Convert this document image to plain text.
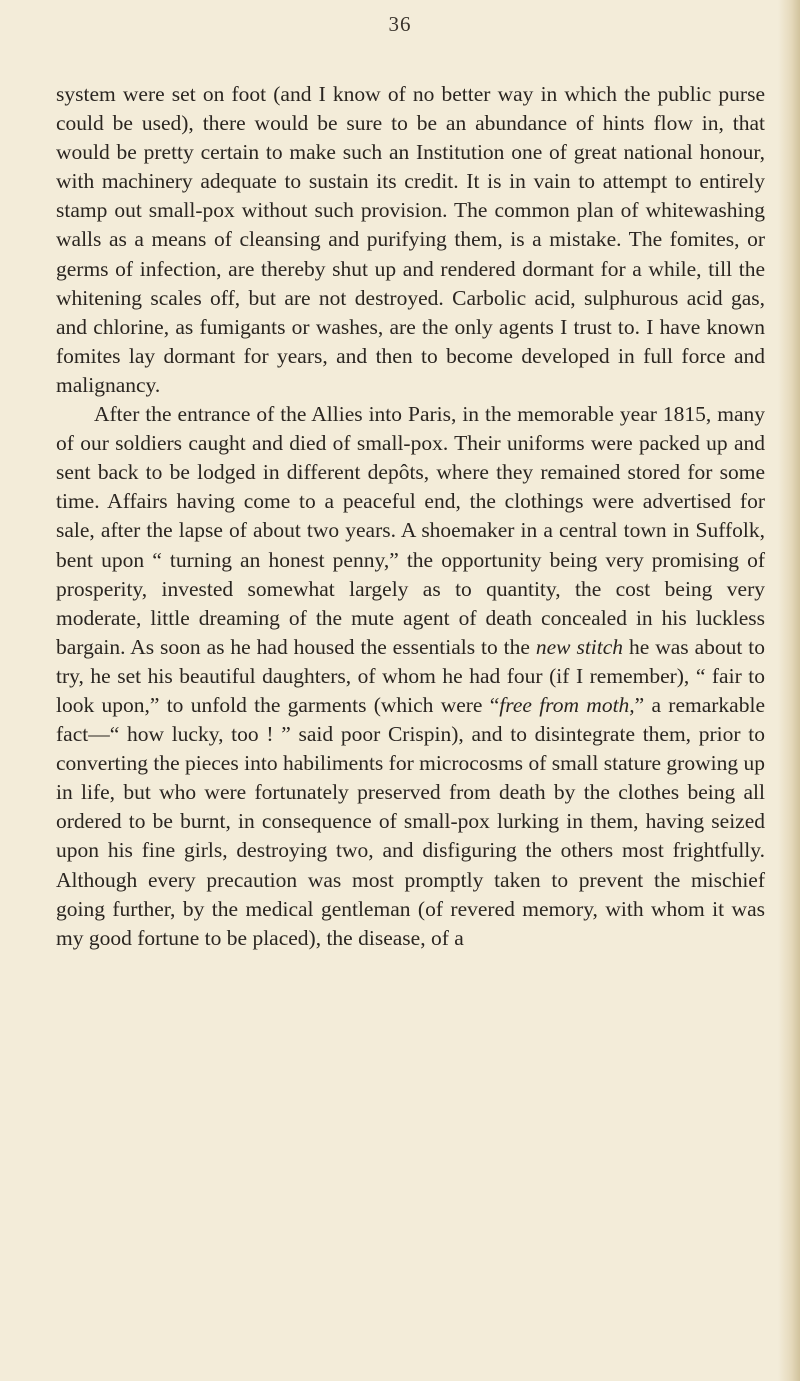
36

system were set on foot (and I know of no better way in which the public purse could be used), there would be sure to be an abundance of hints flow in, that would be pretty certain to make such an Institution one of great national honour, with machinery adequate to sustain its credit. It is in vain to attempt to entirely stamp out small-pox without such provision. The common plan of whitewashing walls as a means of cleansing and purifying them, is a mistake. The fomites, or germs of infection, are thereby shut up and rendered dormant for a while, till the whitening scales off, but are not destroyed. Carbolic acid, sulphurous acid gas, and chlorine, as fumigants or washes, are the only agents I trust to. I have known fomites lay dormant for years, and then to become developed in full force and malignancy.

After the entrance of the Allies into Paris, in the memorable year 1815, many of our soldiers caught and died of small-pox. Their uniforms were packed up and sent back to be lodged in different depôts, where they remained stored for some time. Affairs having come to a peaceful end, the clothings were advertised for sale, after the lapse of about two years. A shoemaker in a central town in Suffolk, bent upon “ turning an honest penny,” the opportunity being very promising of prosperity, invested somewhat largely as to quantity, the cost being very moderate, little dreaming of the mute agent of death concealed in his luckless bargain. As soon as he had housed the essentials to the new stitch he was about to try, he set his beautiful daughters, of whom he had four (if I remember), “ fair to look upon,” to unfold the garments (which were “free from moth,” a remarkable fact—“ how lucky, too ! ” said poor Crispin), and to disintegrate them, prior to converting the pieces into habiliments for microcosms of small stature growing up in life, but who were fortunately preserved from death by the clothes being all ordered to be burnt, in consequence of small-pox lurking in them, having seized upon his fine girls, destroying two, and disfiguring the others most frightfully. Although every precaution was most promptly taken to prevent the mischief going further, by the medical gentleman (of revered memory, with whom it was my good fortune to be placed), the disease, of a
